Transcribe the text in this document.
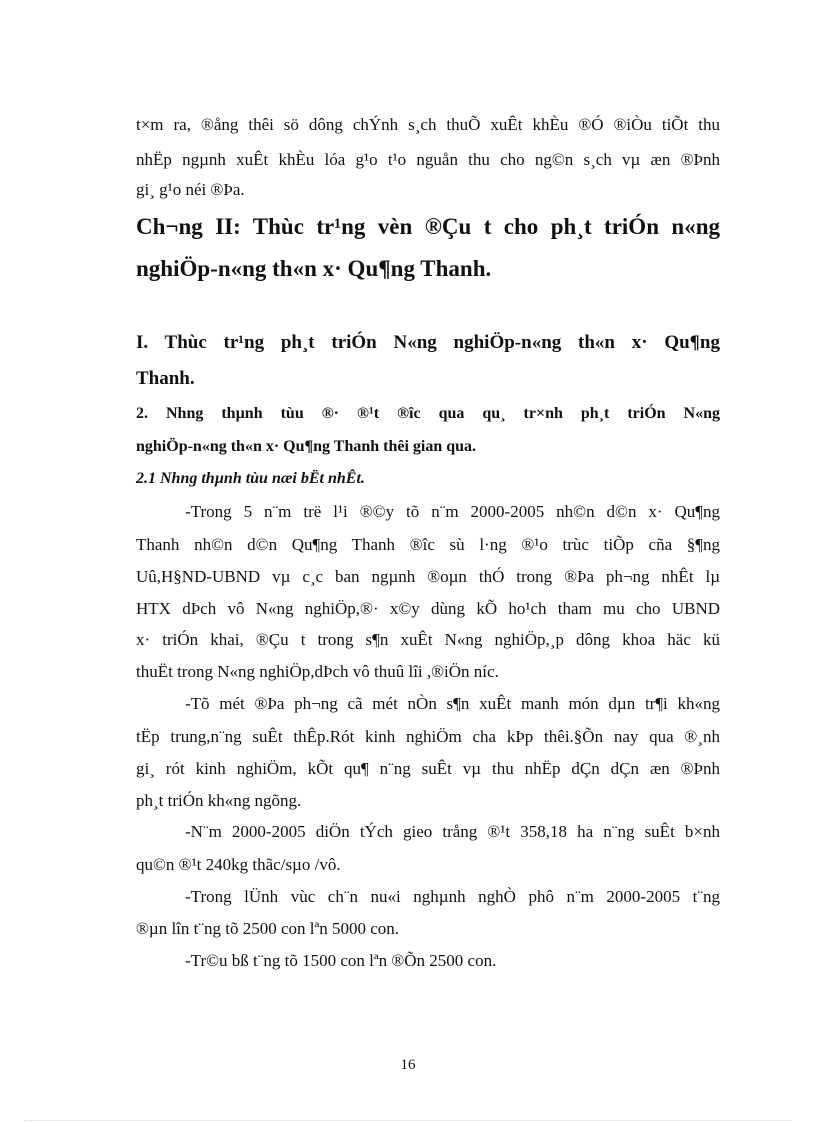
t×m ra, ®ång thêi sö dông chÝnh s¸ch thuÕ xuÊt khÈu ®Ó ®iÒu tiÕt thu
nhËp ngµnh xuÊt khÈu lóa g¹o t¹o nguån thu cho ng©n s¸ch vµ æn ®Þnh
gi¸ g¹o néi ®Þa.
Ch¬ng II: Thùc tr¹ng vèn ®Çu t cho ph¸t triÓn n«ng
nghiÖp-n«ng th«n x· Qu¶ng Thanh.
I. Thùc tr¹ng ph¸t triÓn N«ng nghiÖp-n«ng th«n x· Qu¶ng
Thanh.
2. Nhng thµnh tùu ®· ®¹t ®îc qua qu¸ tr×nh ph¸t triÓn N«ng
nghiÖp-n«ng th«n x· Qu¶ng Thanh thêi gian qua.
2.1 Nhng thµnh tùu næi bËt nhÊt.
-Trong 5 n¨m trë l¹i ®©y tõ n¨m 2000-2005 nh©n d©n x· Qu¶ng
Thanh nh©n d©n Qu¶ng Thanh ®îc sù l·ng ®¹o trùc tiÕp cña §¶ng
Uû,H§ND-UBND vµ c¸c ban ngµnh ®oµn thÓ trong ®Þa ph¬ng nhÊt lµ
HTX dÞch vô N«ng nghiÖp,®· x©y dùng kÕ ho¹ch tham mu cho UBND
x· triÓn khai, ®Çu t trong s¶n xuÊt N«ng nghiÖp,¸p dông khoa häc kü
thuËt trong N«ng nghiÖp,dÞch vô thuû lîi ,®iÖn níc.
-Tõ mét ®Þa ph¬ng cã mét nÒn s¶n xuÊt manh món dµn tr¶i kh«ng
tËp trung,n¨ng suÊt thÊp.Rót kinh nghiÖm cha kÞp thêi.§Õn nay qua ®¸nh
gi¸ rót kinh nghiÖm, kÕt qu¶ n¨ng suÊt vµ thu nhËp dÇn dÇn æn ®Þnh
ph¸t triÓn kh«ng ngõng.
-N¨m 2000-2005 diÖn tÝch gieo trång ®¹t 358,18 ha n¨ng suÊt b×nh
qu©n ®¹t 240kg thãc/sµo /vô.
-Trong lÜnh vùc ch¨n nu«i nghµnh nghÒ phô n¨m 2000-2005 t¨ng
®µn lîn t¨ng tõ 2500 con lªn 5000 con.
-Tr©u bß t¨ng tõ 1500 con lªn ®Õn 2500 con.
16
